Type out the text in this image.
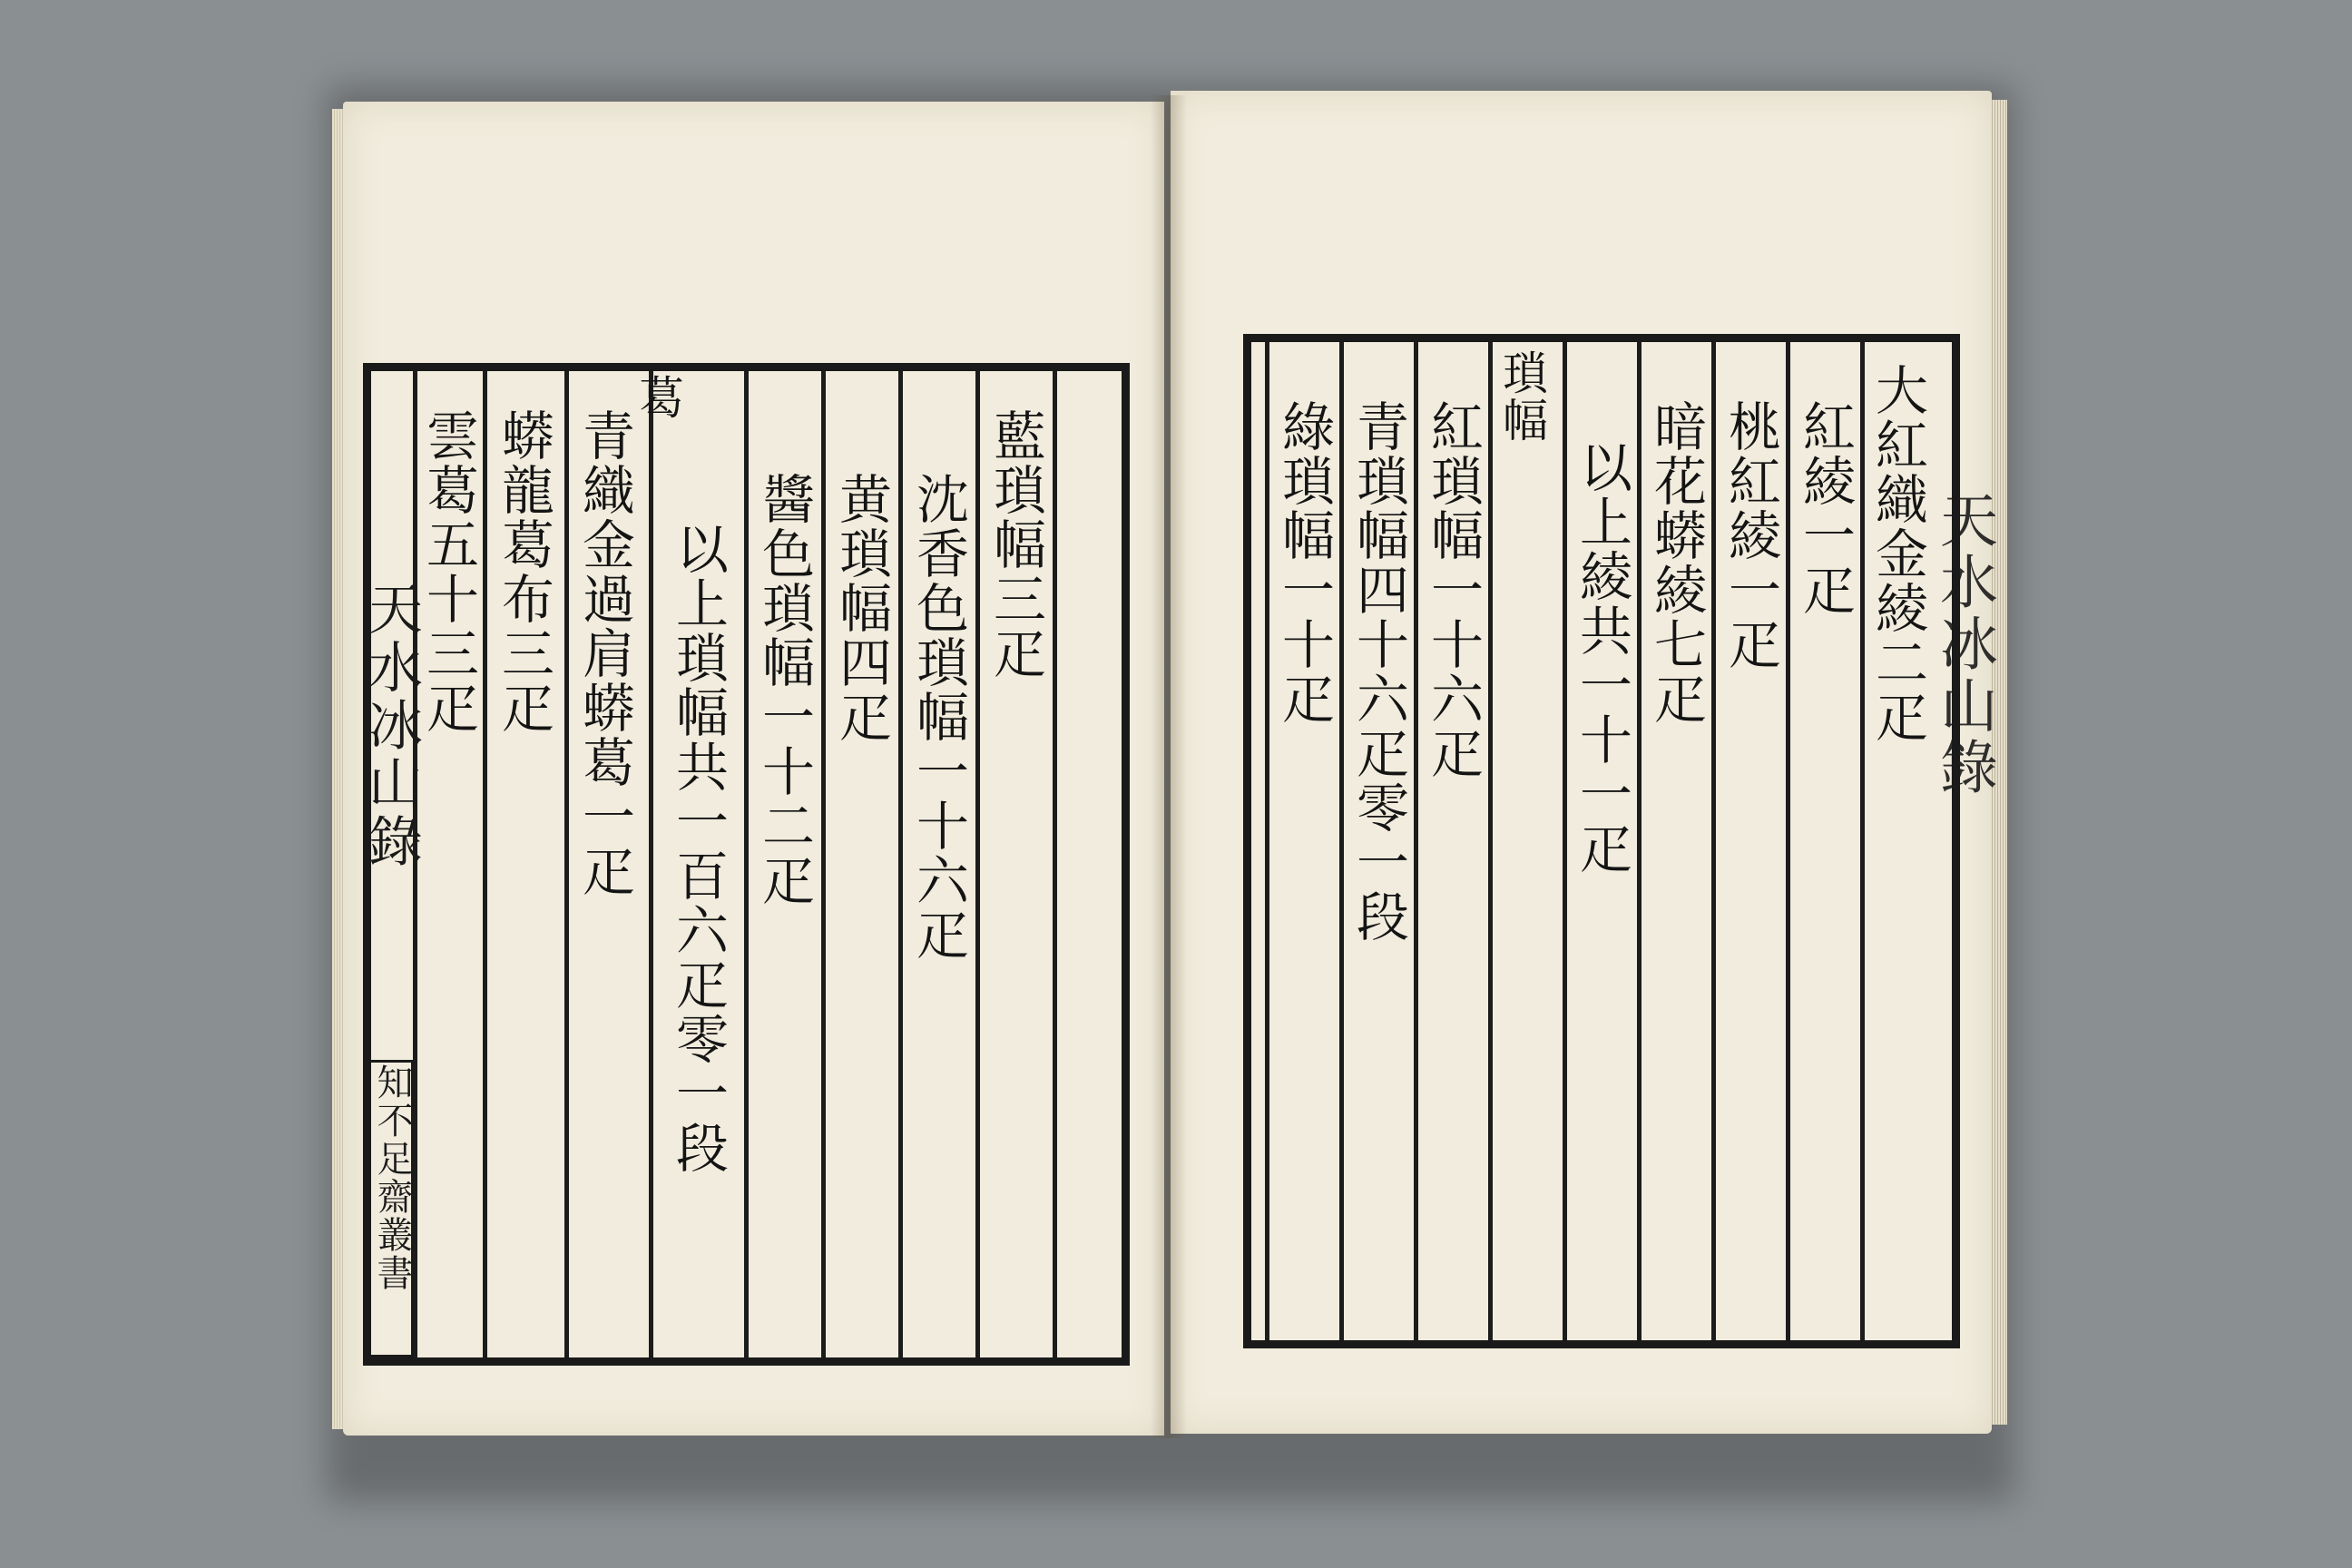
藍瑣幅三疋
沈香色瑣幅一十六疋
黄瑣幅四疋
醬色瑣幅一十二疋
以上瑣幅共一百六疋零一段
葛
青織金過肩蟒葛一疋
蟒龍葛布三疋
雲葛五十三疋
天水冰山錄
知不足齋叢書
大紅織金綾二疋
紅綾一疋
桃紅綾一疋
暗花蟒綾七疋
以上綾共一十一疋
瑣幅
紅瑣幅一十六疋
青瑣幅四十六疋零一段
綠瑣幅一十疋	天水冰山錄
